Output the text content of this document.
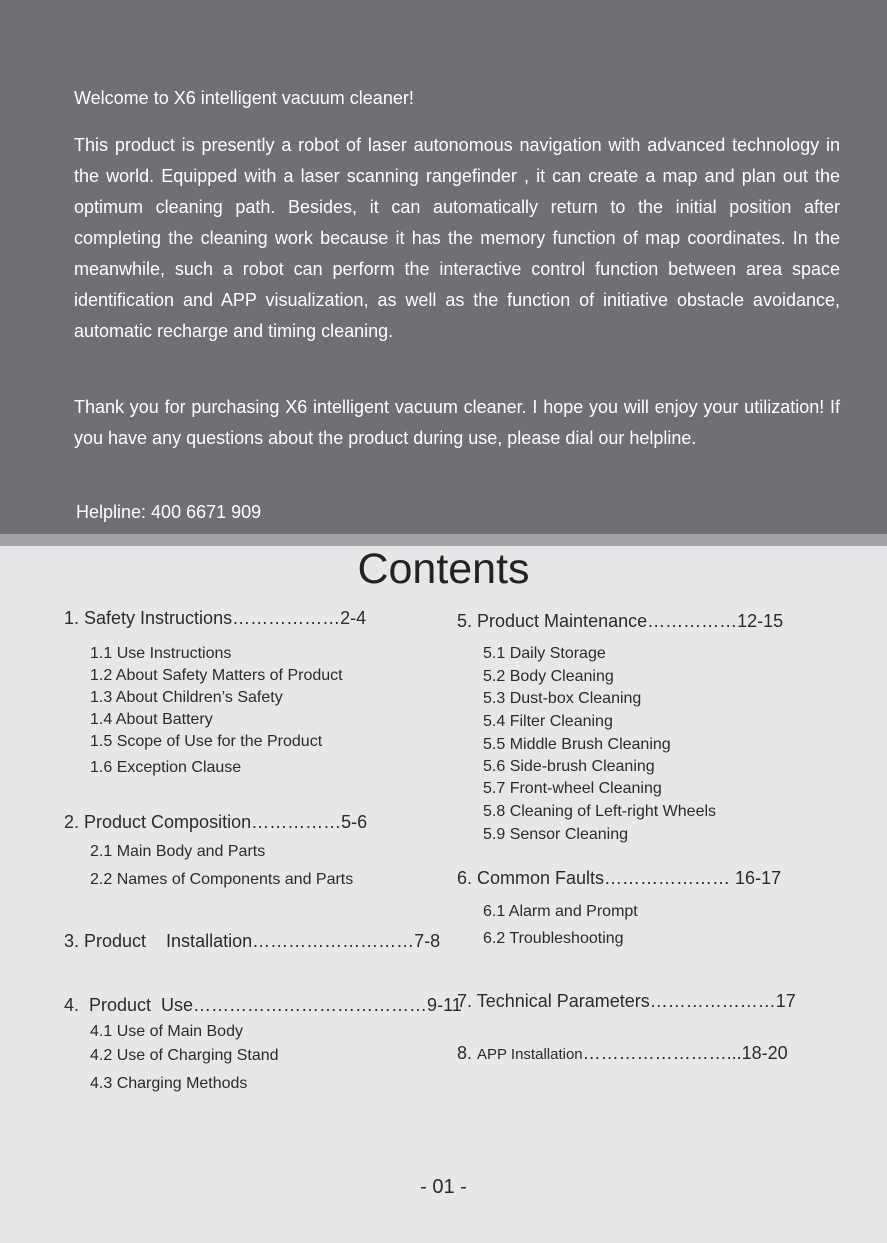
Welcome to X6 intelligent vacuum cleaner!

This product is presently a robot of laser autonomous navigation with advanced technology in the world. Equipped with a laser scanning rangefinder , it can create a map and plan out the optimum cleaning path. Besides, it can automatically return to the initial position after completing the cleaning work because it has the memory function of map coordinates. In the meanwhile, such a robot can perform the interactive control function between area space identification and APP visualization, as well as the function of initiative obstacle avoidance, automatic recharge and timing cleaning.

Thank you for purchasing X6 intelligent vacuum cleaner. I hope you will enjoy your utilization! If you have any questions about the product during use, please dial our helpline.

Helpline: 400 6671 909
Contents
1. Safety Instructions………………2-4
1.1 Use Instructions
1.2 About Safety Matters of Product
1.3 About Children’s Safety
1.4 About Battery
1.5 Scope of Use for the Product
1.6 Exception Clause
2. Product Composition……………5-6
2.1 Main Body and Parts
2.2 Names of Components and Parts
3. Product    Installation………………………7-8
4.  Product  Use…………………………………9-11
4.1 Use of Main Body
4.2 Use of Charging Stand
4.3 Charging Methods
5. Product Maintenance……………12-15
5.1 Daily Storage
5.2 Body Cleaning
5.3 Dust-box Cleaning
5.4 Filter Cleaning
5.5 Middle Brush Cleaning
5.6 Side-brush Cleaning
5.7 Front-wheel Cleaning
5.8 Cleaning of Left-right Wheels
5.9 Sensor Cleaning
6. Common Faults………………… 16-17
6.1 Alarm and Prompt
6.2 Troubleshooting
7. Technical Parameters…………………17
8. APP Installation……………………...18-20
- 01 -
